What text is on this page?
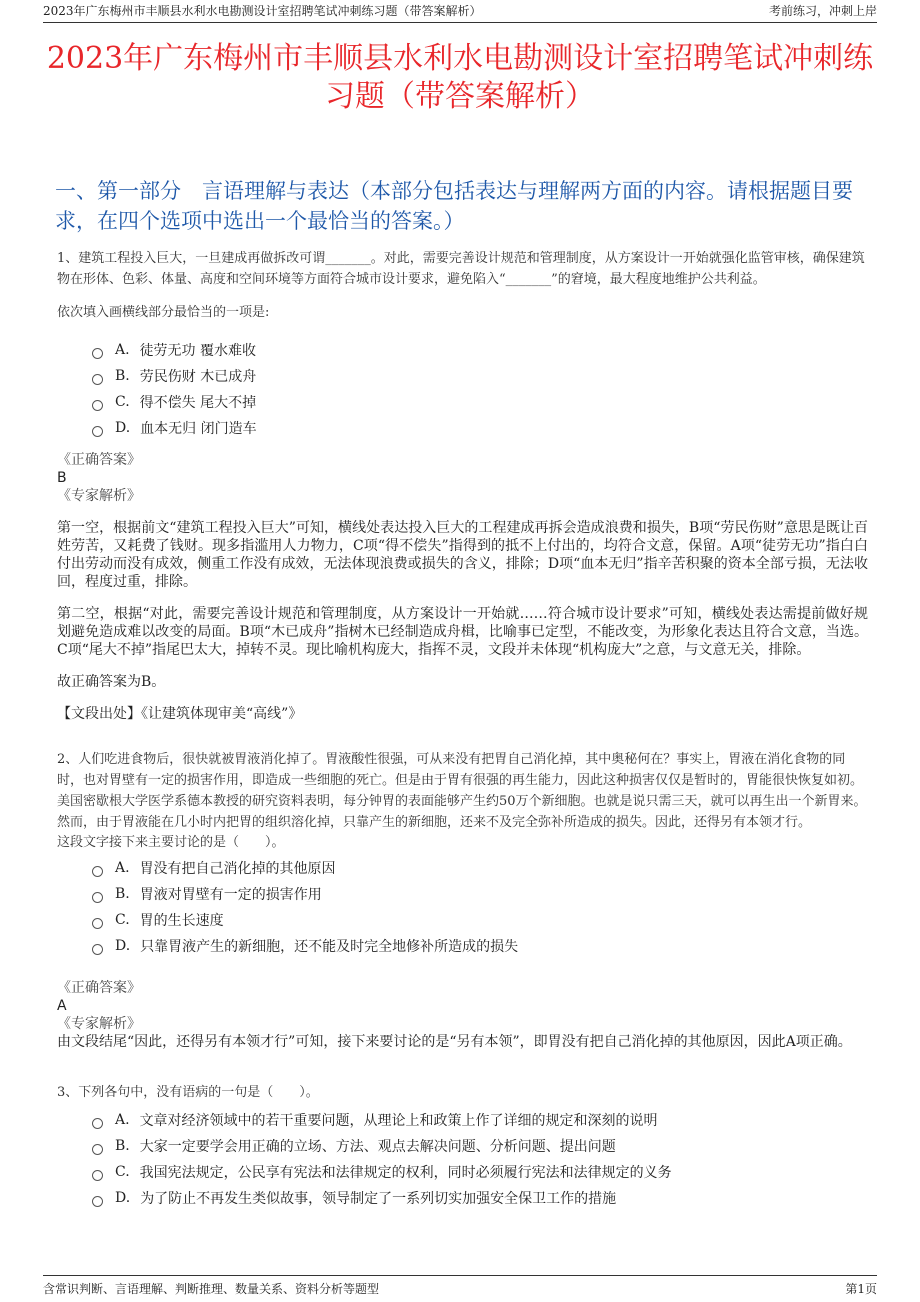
2023年广东梅州市丰顺县水利水电勘测设计室招聘笔试冲刺练习题（带答案解析）	考前练习，冲刺上岸
2023年广东梅州市丰顺县水利水电勘测设计室招聘笔试冲刺练习题（带答案解析）
一、第一部分　言语理解与表达（本部分包括表达与理解两方面的内容。请根据题目要求，在四个选项中选出一个最恰当的答案。）

1、建筑工程投入巨大，一旦建成再做拆改可谓_______。对此，需要完善设计规范和管理制度，从方案设计一开始就强化监管审核，确保建筑物在形体、色彩、体量、高度和空间环境等方面符合城市设计要求，避免陷入“_______”的窘境，最大程度地维护公共利益。

依次填入画横线部分最恰当的一项是:

A. 徒劳无功 覆水难收
B. 劳民伤财 木已成舟
C. 得不偿失 尾大不掉
D. 血本无归 闭门造车

《正确答案》

B

《专家解析》

第一空，根据前文“建筑工程投入巨大”可知，横线处表达投入巨大的工程建成再拆会造成浪费和损失，B项“劳民伤财”意思是既让百姓劳苦，又耗费了钱财。现多指滥用人力物力，C项“得不偿失”指得到的抵不上付出的，均符合文意，保留。A项“徒劳无功”指白白付出劳动而没有成效，侧重工作没有成效，无法体现浪费或损失的含义，排除；D项“血本无归”指辛苦积聚的资本全部亏损，无法收回，程度过重，排除。

第二空，根据“对此，需要完善设计规范和管理制度，从方案设计一开始就……符合城市设计要求”可知，横线处表达需提前做好规划避免造成难以改变的局面。B项“木已成舟”指树木已经制造成舟楫，比喻事已定型，不能改变，为形象化表达且符合文意，当选。C项“尾大不掉”指尾巴太大，掉转不灵。现比喻机构庞大，指挥不灵，文段并未体现“机构庞大”之意，与文意无关，排除。

故正确答案为B。

【文段出处】《让建筑体现审美“高线”》

2、人们吃进食物后，很快就被胃液消化掉了。胃液酸性很强，可从来没有把胃自己消化掉，其中奥秘何在？事实上，胃液在消化食物的同时，也对胃壁有一定的损害作用，即造成一些细胞的死亡。但是由于胃有很强的再生能力，因此这种损害仅仅是暂时的，胃能很快恢复如初。美国密歇根大学医学系德本教授的研究资料表明，每分钟胃的表面能够产生约50万个新细胞。也就是说只需三天，就可以再生出一个新胃来。然而，由于胃液能在几小时内把胃的组织溶化掉，只靠产生的新细胞，还来不及完全弥补所造成的损失。因此，还得另有本领才行。

这段文字接下来主要讨论的是（　　）。

A. 胃没有把自己消化掉的其他原因
B. 胃液对胃壁有一定的损害作用
C. 胃的生长速度
D. 只靠胃液产生的新细胞，还不能及时完全地修补所造成的损失

《正确答案》

A

《专家解析》

由文段结尾“因此，还得另有本领才行”可知，接下来要讨论的是“另有本领”，即胃没有把自己消化掉的其他原因，因此A项正确。

3、下列各句中，没有语病的一句是（　　）。

A. 文章对经济领域中的若干重要问题，从理论上和政策上作了详细的规定和深刻的说明
B. 大家一定要学会用正确的立场、方法、观点去解决问题、分析问题、提出问题
C. 我国宪法规定，公民享有宪法和法律规定的权利，同时必须履行宪法和法律规定的义务
D. 为了防止不再发生类似故事，领导制定了一系列切实加强安全保卫工作的措施
含常识判断、言语理解、判断推理、数量关系、资料分析等题型	第1页
